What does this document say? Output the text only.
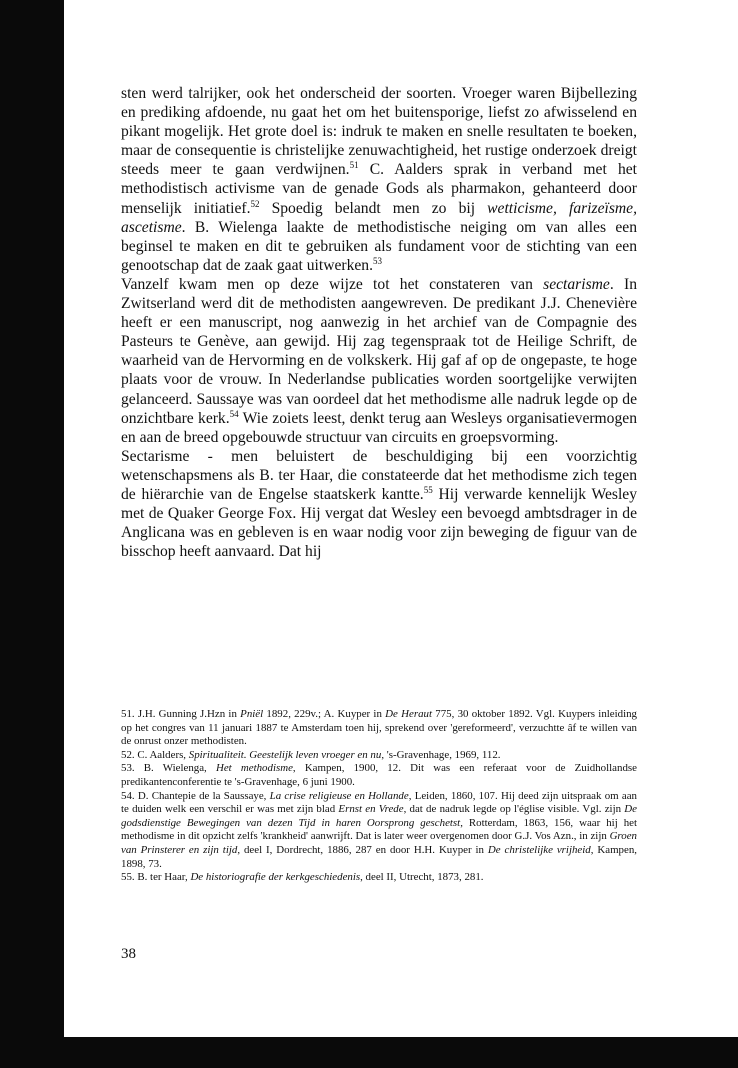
sten werd talrijker, ook het onderscheid der soorten. Vroeger waren Bijbellezing en prediking afdoende, nu gaat het om het buitensporige, liefst zo afwisselend en pikant mogelijk. Het grote doel is: indruk te maken en snelle resultaten te boeken, maar de consequentie is christelijke zenuwachtigheid, het rustige onderzoek dreigt steeds meer te gaan verdwijnen.$^{51}$ C. Aalders sprak in verband met het methodistisch activisme van de genade Gods als pharmakon, gehanteerd door menselijk initiatief.$^{52}$ Spoedig belandt men zo bij wetticisme, farizeïsme, ascetisme. B. Wielenga laakte de methodistische neiging om van alles een beginsel te maken en dit te gebruiken als fundament voor de stichting van een genootschap dat de zaak gaat uitwerken.$^{53}$

Vanzelf kwam men op deze wijze tot het constateren van sectarisme. In Zwitserland werd dit de methodisten aangewreven. De predikant J.J. Chenevière heeft er een manuscript, nog aanwezig in het archief van de Compagnie des Pasteurs te Genève, aan gewijd. Hij zag tegenspraak tot de Heilige Schrift, de waarheid van de Hervorming en de volkskerk. Hij gaf af op de ongepaste, te hoge plaats voor de vrouw. In Nederlandse publicaties worden soortgelijke verwijten gelanceerd. Saussaye was van oordeel dat het methodisme alle nadruk legde op de onzichtbare kerk.$^{54}$ Wie zoiets leest, denkt terug aan Wesleys organisatievermogen en aan de breed opgebouwde structuur van circuits en groepsvorming.

Sectarisme - men beluistert de beschuldiging bij een voorzichtig wetenschapsmens als B. ter Haar, die constateerde dat het methodisme zich tegen de hiërarchie van de Engelse staatskerk kantte.$^{55}$ Hij verwarde kennelijk Wesley met de Quaker George Fox. Hij vergat dat Wesley een bevoegd ambtsdrager in de Anglicana was en gebleven is en waar nodig voor zijn beweging de figuur van de bisschop heeft aanvaard. Dat hij

51. J.H. Gunning J.Hzn in Pniël 1892, 229v.; A. Kuyper in De Heraut 775, 30 oktober 1892. Vgl. Kuypers inleiding op het congres van 11 januari 1887 te Amsterdam toen hij, sprekend over 'gereformeerd', verzuchtte âf te willen van de onrust onzer methodisten.

52. C. Aalders, Spiritualiteit. Geestelijk leven vroeger en nu, 's-Gravenhage, 1969, 112.

53. B. Wielenga, Het methodisme, Kampen, 1900, 12. Dit was een referaat voor de Zuidhollandse predikantenconferentie te 's-Gravenhage, 6 juni 1900.

54. D. Chantepie de la Saussaye, La crise religieuse en Hollande, Leiden, 1860, 107. Hij deed zijn uitspraak om aan te duiden welk een verschil er was met zijn blad Ernst en Vrede, dat de nadruk legde op l'église visible. Vgl. zijn De godsdienstige Bewegingen van dezen Tijd in haren Oorsprong geschetst, Rotterdam, 1863, 156, waar hij het methodisme in dit opzicht zelfs 'krankheid' aanwrijft. Dat is later weer overgenomen door G.J. Vos Azn., in zijn Groen van Prinsterer en zijn tijd, deel I, Dordrecht, 1886, 287 en door H.H. Kuyper in De christelijke vrijheid, Kampen, 1898, 73.

55. B. ter Haar, De historiografie der kerkgeschiedenis, deel II, Utrecht, 1873, 281.

38
